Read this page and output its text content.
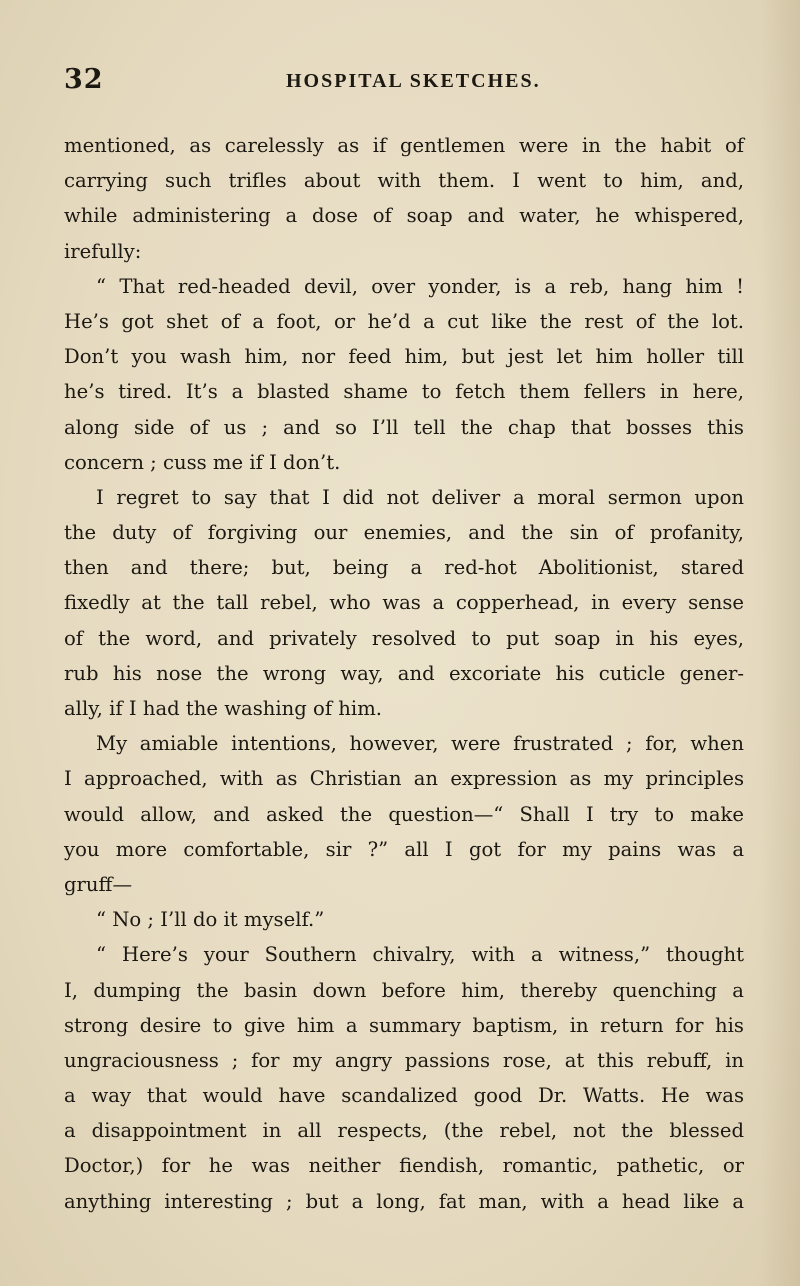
32	HOSPITAL SKETCHES.
mentioned, as carelessly as if gentlemen were in the habit of
carrying such trifles about with them. I went to him, and,
while administering a dose of soap and water, he whispered,
irefully:
“ That red-headed devil, over yonder, is a reb, hang him !
He’s got shet of a foot, or he’d a cut like the rest of the lot.
Don’t you wash him, nor feed him, but jest let him holler till
he’s tired. It’s a blasted shame to fetch them fellers in here,
along side of us ; and so I’ll tell the chap that bosses this
concern ; cuss me if I don’t.
I regret to say that I did not deliver a moral sermon upon
the duty of forgiving our enemies, and the sin of profanity,
then and there; but, being a red-hot Abolitionist, stared
fixedly at the tall rebel, who was a copperhead, in every sense
of the word, and privately resolved to put soap in his eyes,
rub his nose the wrong way, and excoriate his cuticle gener-
ally, if I had the washing of him.
My amiable intentions, however, were frustrated ; for, when
I approached, with as Christian an expression as my principles
would allow, and asked the question—“ Shall I try to make
you more comfortable, sir ?” all I got for my pains was a
gruff—
“ No ; I’ll do it myself.”
“ Here’s your Southern chivalry, with a witness,” thought
I, dumping the basin down before him, thereby quenching a
strong desire to give him a summary baptism, in return for his
ungraciousness ; for my angry passions rose, at this rebuff, in
a way that would have scandalized good Dr. Watts. He was
a disappointment in all respects, (the rebel, not the blessed
Doctor,) for he was neither fiendish, romantic, pathetic, or
anything interesting ; but a long, fat man, with a head like a
